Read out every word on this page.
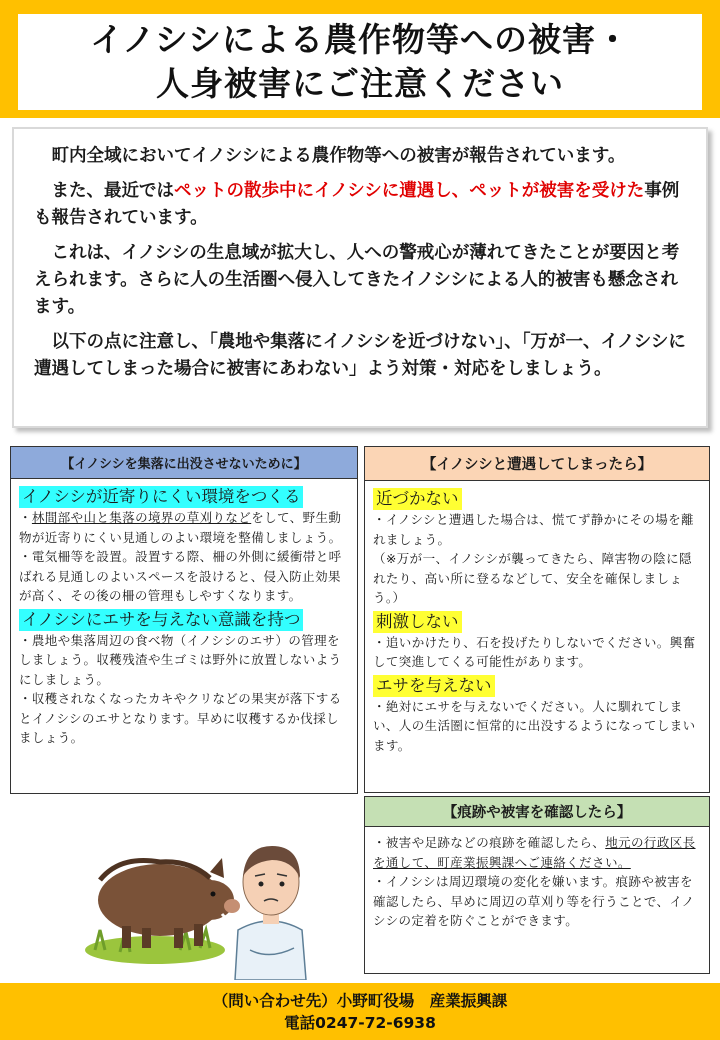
イノシシによる農作物等への被害・
人身被害にご注意ください

町内全域においてイノシシによる農作物等への被害が報告されています。

また、最近ではペットの散歩中にイノシシに遭遇し、ペットが被害を受けた事例も報告されています。

これは、イノシシの生息域が拡大し、人への警戒心が薄れてきたことが要因と考えられます。さらに人の生活圏へ侵入してきたイノシシによる人的被害も懸念されます。

以下の点に注意し、「農地や集落にイノシシを近づけない」、「万が一、イノシシに遭遇してしまった場合に被害にあわない」よう対策・対応をしましょう。

【イノシシを集落に出没させないために】
イノシシが近寄りにくい環境をつくる
・林間部や山と集落の境界の草刈りなどをして、野生動物が近寄りにくい見通しのよい環境を整備しましょう。
・電気柵等を設置。設置する際、柵の外側に緩衝帯と呼ばれる見通しのよいスペースを設けると、侵入防止効果が高く、その後の柵の管理もしやすくなります。
イノシシにエサを与えない意識を持つ
・農地や集落周辺の食べ物（イノシシのエサ）の管理をしましょう。収穫残渣や生ゴミは野外に放置しないようにしましょう。
・収穫されなくなったカキやクリなどの果実が落下するとイノシシのエサとなります。早めに収穫するか伐採しましょう。
【イノシシと遭遇してしまったら】
近づかない
・イノシシと遭遇した場合は、慌てず静かにその場を離れましょう。
（※万が一、イノシシが襲ってきたら、障害物の陰に隠れたり、高い所に登るなどして、安全を確保しましょう。）
刺激しない
・追いかけたり、石を投げたりしないでください。興奮して突進してくる可能性があります。
エサを与えない
・絶対にエサを与えないでください。人に馴れてしまい、人の生活圏に恒常的に出没するようになってしまいます。
【痕跡や被害を確認したら】
・被害や足跡などの痕跡を確認したら、地元の行政区長を通して、町産業振興課へご連絡ください。
・イノシシは周辺環境の変化を嫌います。痕跡や被害を確認したら、早めに周辺の草刈り等を行うことで、イノシシの定着を防ぐことができます。
（問い合わせ先）小野町役場　産業振興課
電話0247-72-6938
